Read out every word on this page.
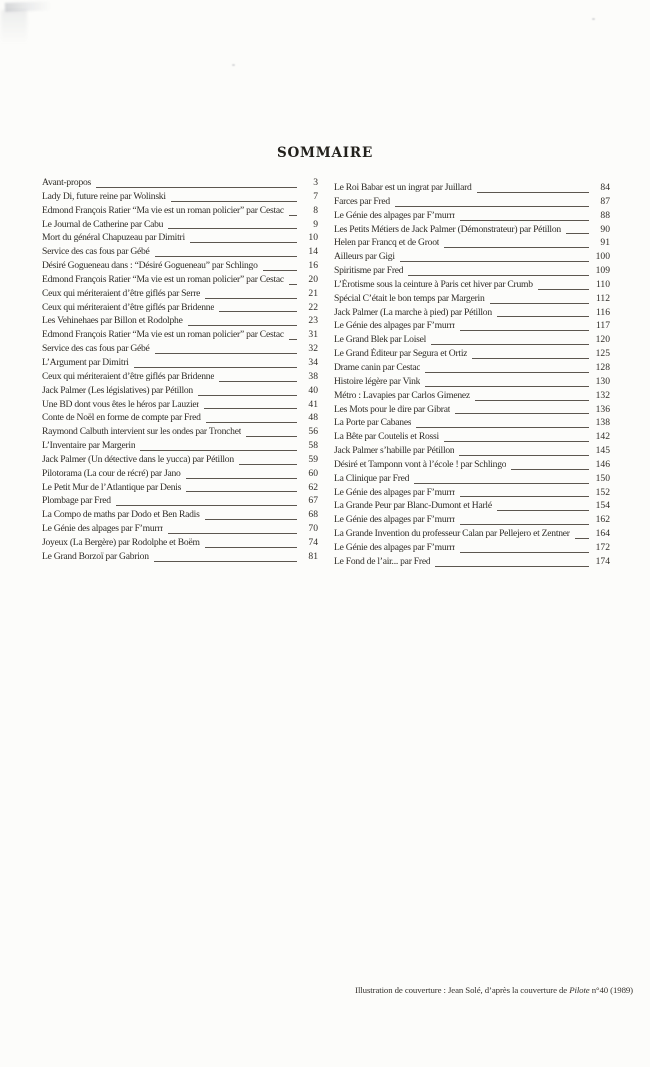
SOMMAIRE
Avant-propos	3
Lady Di, future reine par Wolinski	7
Edmond François Ratier “Ma vie est un roman policier” par Cestac	8
Le Journal de Catherine par Cabu	9
Mort du général Chapuzeau par Dimitri	10
Service des cas fous par Gébé	14
Désiré Gogueneau dans : “Désiré Gogueneau” par Schlingo	16
Edmond François Ratier “Ma vie est un roman policier” par Cestac	20
Ceux qui mériteraient d’être giflés par Serre	21
Ceux qui mériteraient d’être giflés par Bridenne	22
Les Vehinehaes par Billon et Rodolphe	23
Edmond François Ratier “Ma vie est un roman policier” par Cestac	31
Service des cas fous par Gébé	32
L’Argument par Dimitri	34
Ceux qui mériteraient d’être giflés par Bridenne	38
Jack Palmer (Les législatives) par Pétillon	40
Une BD dont vous êtes le héros par Lauzier	41
Conte de Noël en forme de compte par Fred	48
Raymond Calbuth intervient sur les ondes par Tronchet	56
L’Inventaire par Margerin	58
Jack Palmer (Un détective dans le yucca) par Pétillon	59
Pilotorama (La cour de récré) par Jano	60
Le Petit Mur de l’Atlantique par Denis	62
Plombage par Fred	67
La Compo de maths par Dodo et Ben Radis	68
Le Génie des alpages par F’murrr	70
Joyeux (La Bergère) par Rodolphe et Boëm	74
Le Grand Borzoï par Gabrion	81
Le Roi Babar est un ingrat par Juillard	84
Farces par Fred	87
Le Génie des alpages par F’murrr	88
Les Petits Métiers de Jack Palmer (Démonstrateur) par Pétillon	90
Helen par Francq et de Groot	91
Ailleurs par Gigi	100
Spiritisme par Fred	109
L’Érotisme sous la ceinture à Paris cet hiver par Crumb	110
Spécial C’était le bon temps par Margerin	112
Jack Palmer (La marche à pied) par Pétillon	116
Le Génie des alpages par F’murrr	117
Le Grand Blek par Loisel	120
Le Grand Éditeur par Segura et Ortiz	125
Drame canin par Cestac	128
Histoire légère par Vink	130
Métro : Lavapies par Carlos Gimenez	132
Les Mots pour le dire par Gibrat	136
La Porte par Cabanes	138
La Bête par Coutelis et Rossi	142
Jack Palmer s’habille par Pétillon	145
Désiré et Tamponn vont à l’école ! par Schlingo	146
La Clinique par Fred	150
Le Génie des alpages par F’murrr	152
La Grande Peur par Blanc-Dumont et Harlé	154
Le Génie des alpages par F’murrr	162
La Grande Invention du professeur Calan par Pellejero et Zentner	164
Le Génie des alpages par F’murrr	172
Le Fond de l’air... par Fred	174
Illustration de couverture : Jean Solé, d’après la couverture de Pilote n°40 (1989)
